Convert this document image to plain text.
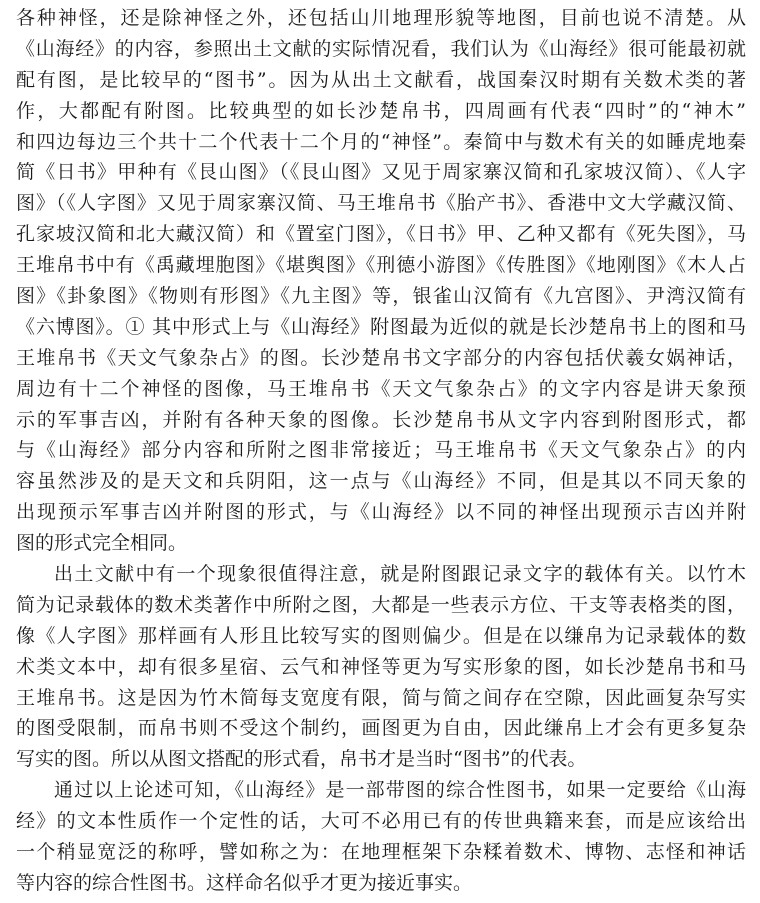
各种神怪，还是除神怪之外，还包括山川地理形貌等地图，目前也说不清楚。从
《山海经》的内容，参照出土文献的实际情况看，我们认为《山海经》很可能最初就
配有图，是比较早的“图书”。因为从出土文献看，战国秦汉时期有关数术类的著
作，大都配有附图。比较典型的如长沙楚帛书，四周画有代表“四时”的“神木”
和四边每边三个共十二个代表十二个月的“神怪”。秦简中与数术有关的如睡虎地秦
简《日书》甲种有《艮山图》（《艮山图》又见于周家寨汉简和孔家坡汉简）、《人字
图》（《人字图》又见于周家寨汉简、马王堆帛书《胎产书》、香港中文大学藏汉简、
孔家坡汉简和北大藏汉简）和《置室门图》，《日书》甲、乙种又都有《死失图》，马
王堆帛书中有《禹藏埋胞图》《堪舆图》《刑德小游图》《传胜图》《地刚图》《木人占
图》《卦象图》《物则有形图》《九主图》等，银雀山汉简有《九宫图》、尹湾汉简有
《六博图》。① 其中形式上与《山海经》附图最为近似的就是长沙楚帛书上的图和马
王堆帛书《天文气象杂占》的图。长沙楚帛书文字部分的内容包括伏羲女娲神话，
周边有十二个神怪的图像，马王堆帛书《天文气象杂占》的文字内容是讲天象预
示的军事吉凶，并附有各种天象的图像。长沙楚帛书从文字内容到附图形式，都
与《山海经》部分内容和所附之图非常接近；马王堆帛书《天文气象杂占》的内
容虽然涉及的是天文和兵阴阳，这一点与《山海经》不同，但是其以不同天象的
出现预示军事吉凶并附图的形式，与《山海经》以不同的神怪出现预示吉凶并附
图的形式完全相同。
出土文献中有一个现象很值得注意，就是附图跟记录文字的载体有关。以竹木
简为记录载体的数术类著作中所附之图，大都是一些表示方位、干支等表格类的图，
像《人字图》那样画有人形且比较写实的图则偏少。但是在以缣帛为记录载体的数
术类文本中，却有很多星宿、云气和神怪等更为写实形象的图，如长沙楚帛书和马
王堆帛书。这是因为竹木简每支宽度有限，简与简之间存在空隙，因此画复杂写实
的图受限制，而帛书则不受这个制约，画图更为自由，因此缣帛上才会有更多复杂
写实的图。所以从图文搭配的形式看，帛书才是当时“图书”的代表。
通过以上论述可知，《山海经》是一部带图的综合性图书，如果一定要给《山海
经》的文本性质作一个定性的话，大可不必用已有的传世典籍来套，而是应该给出
一个稍显宽泛的称呼，譬如称之为：在地理框架下杂糅着数术、博物、志怪和神话
等内容的综合性图书。这样命名似乎才更为接近事实。
